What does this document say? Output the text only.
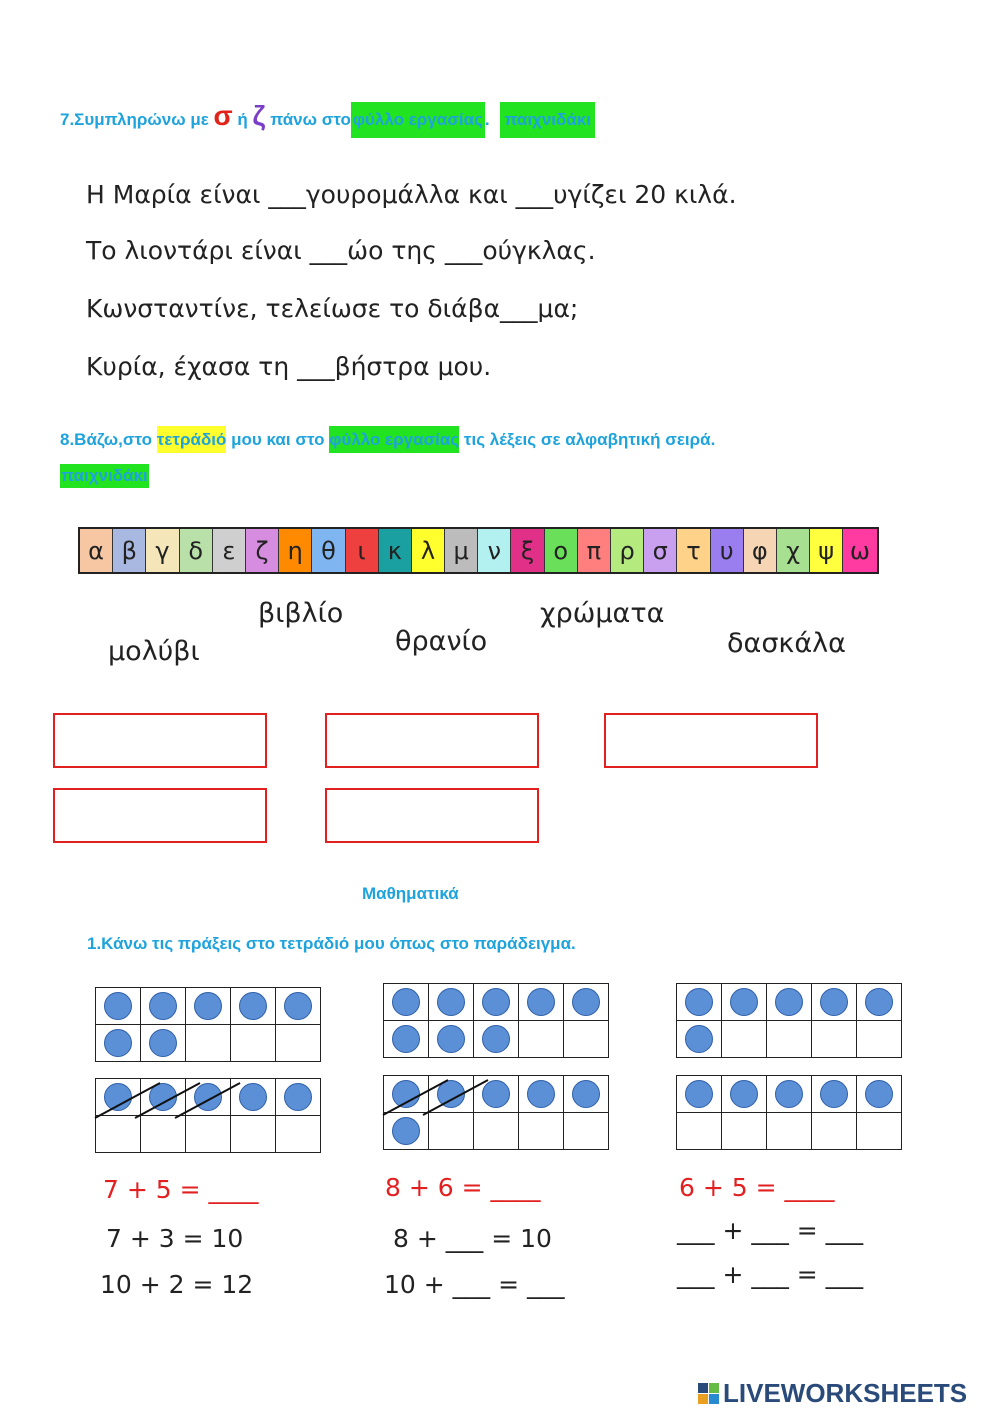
7.Συμπληρώνω με σ ή ζ πάνω στο φύλλο εργασίας . παιχνιδάκι
Η Μαρία είναι ___γουρομάλλα και ___υγίζει 20 κιλά.
Το λιοντάρι είναι ___ώο της ___ούγκλας.
Κωνσταντίνε, τελείωσε το διάβα___μα;
Κυρία, έχασα τη ___βήστρα μου.
8.Βάζω,στο τετράδιό μου και στο φύλλο εργασίας τις λέξεις σε αλφαβητική σειρά.
παιχνιδάκι
α β γ δ ε ζ η θ ι κ λ μ ν ξ ο π ρ σ τ υ φ χ ψ ω
μολύβι
βιβλίο
θρανίο
χρώματα
δασκάλα
Μαθηματικά
1.Κάνω τις πράξεις στο τετράδιό μου όπως στο παράδειγμα.

7 + 5 = ____
7 + 3 = 10
10 + 2 = 12
8 + 6 = ____
8 + ___ = 10
10 + ___ = ___
6 + 5 = ____
___ + ___ = ___
___ + ___ = ___
LIVEWORKSHEETS
